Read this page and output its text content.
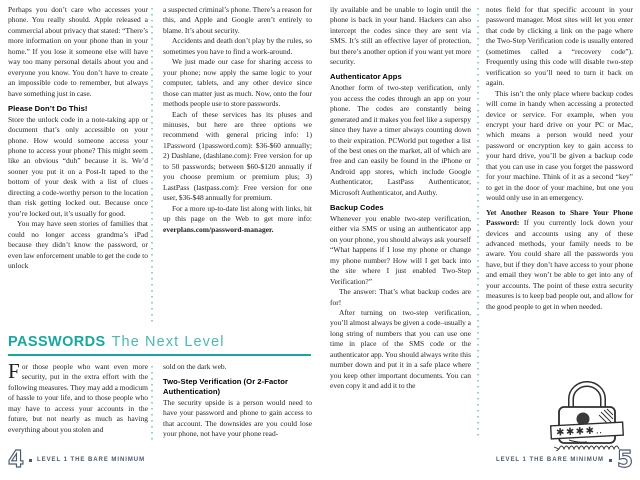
Perhaps you don’t care who accesses your phone. You really should. Apple released a commercial about privacy that stated: “There’s more information on your phone than in your home.” If you lose it someone else will have way too many personal details about you and everyone you know. You don’t have to create an impossible code to remember, but always have something just in case.

Please Don’t Do This!

Store the unlock code in a note-taking app or document that’s only accessible on your phone. How would someone access your phone to access your phone? This might seem like an obvious “duh” because it is. We’d sooner you put it on a Post-It taped to the bottom of your desk with a list of clues directing a code-worthy person to the location than risk getting locked out. Because once you’re locked out, it’s usually for good.

You may have seen stories of families that could no longer access grandma’s iPad because they didn’t know the password, or even law enforcement unable to get the code to unlock

a suspected criminal’s phone. There’s a reason for this, and Apple and Google aren’t entirely to blame. It’s about security.

Accidents and death don’t play by the rules, so sometimes you have to find a work-around.

We just made our case for sharing access to your phone; now apply the same logic to your computer, tablets, and any other device since those can matter just as much. Now, onto the four methods people use to store passwords.

Each of these services has its pluses and minuses, but here are three options we recommend with general pricing info: 1) 1Password (1password.com): $36-$60 annually; 2) Dashlane, (dashlane.com): Free version for up to 50 passwords; between $60-$120 annually if you choose premium or premium plus; 3) LastPass (lastpass.com): Free version for one user, $36-$48 annually for premium.

For a more up-to-date list along with links, hit up this page on the Web to get more info: everplans.com/password-manager.

PASSWORDS The Next Level

For those people who want even more security, put in the extra effort with the following measures. They may add a modicum of hassle to your life, and to those people who may have to access your accounts in the future, but not nearly as much as having everything about you stolen and

sold on the dark web.

Two-Step Verification (Or 2-Factor Authentication)

The security upside is a person would need to have your password and phone to gain access to that account. The downsides are you could lose your phone, not have your phone read-

ily available and be unable to login until the phone is back in your hand. Hackers can also intercept the codes since they are sent via SMS. It’s still an effective layer of protection, but there’s another option if you want yet more security.

Authenticator Apps

Another form of two-step verification, only you access the codes through an app on your phone. The codes are constantly being generated and it makes you feel like a superspy since they have a timer always counting down to their expiration. PCWorld put together a list of the best ones on the market, all of which are free and can easily be found in the iPhone or Android app stores, which include Google Authenticator, LastPass Authenticator, Microsoft Authenticator, and Authy.

Backup Codes

Whenever you enable two-step verification, either via SMS or using an authenticator app on your phone, you should always ask yourself “What happens if I lose my phone or change my phone number? How will I get back into the site where I just enabled Two-Step Verification?”

The answer: That’s what backup codes are for!

After turning on two-step verification, you’ll almost always be given a code–usually a long string of numbers that you can use one time in place of the SMS code or the authenticator app. You should always write this number down and put it in a safe place where you keep other important documents. You can even copy it and add it to the

notes field for that specific account in your password manager. Most sites will let you enter that code by clicking a link on the page where the Two-Step Verification code is usually entered (sometimes called a “recovery code”). Frequently using this code will disable two-step verification so you’ll need to turn it back on again.

This isn’t the only place where backup codes will come in handy when accessing a protected device or service. For example, when you encrypt your hard drive on your PC or Mac, which means a person would need your password or encryption key to gain access to your hard drive, you’ll be given a backup code that you can use in case you forget the password for your machine. Think of it as a second “key” to get in the door of your machine, but one you would only use in an emergency.

Yet Another Reason to Share Your Phone Password: If you currently lock down your devices and accounts using any of these advanced methods, your family needs to be aware. You could share all the passwords you have, but if they don’t have access to your phone and email they won’t be able to get into any of your accounts. The point of these extra security measures is to keep bad people out, and allow for the good people to get in when needed.

✱✱✱✱‥
4 LEVEL 1 THE BARE MINIMUM	LEVEL 1 THE BARE MINIMUM 5
